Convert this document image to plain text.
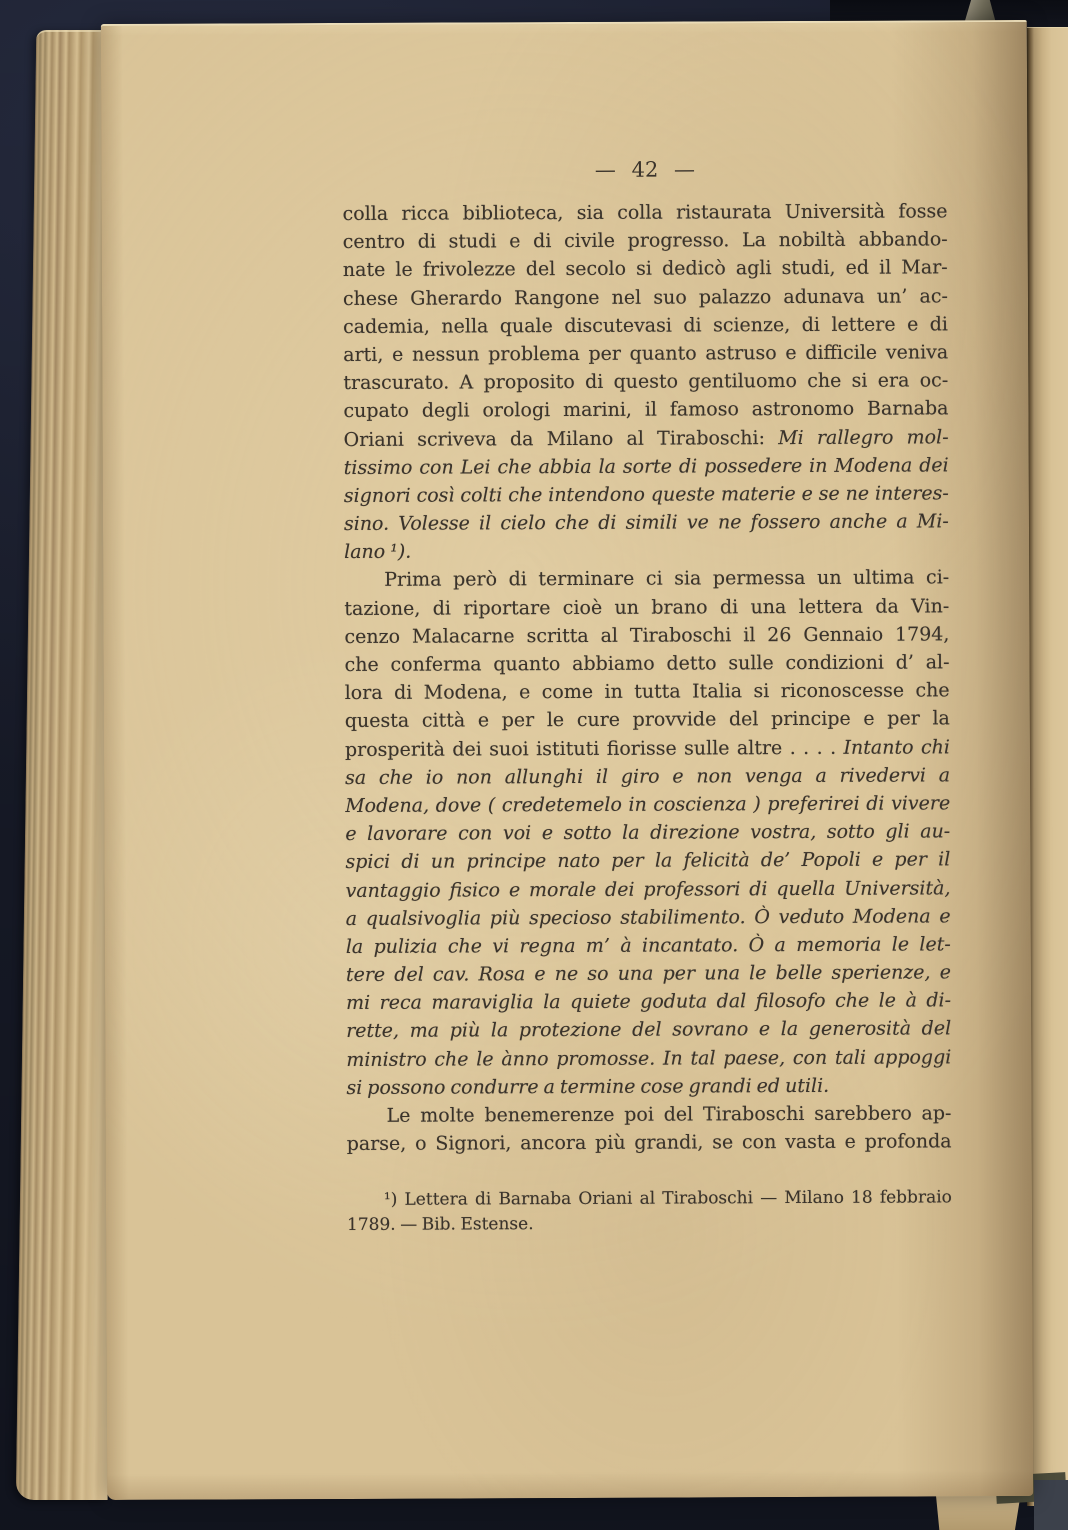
— 42 —
colla ricca biblioteca, sia colla ristaurata Università fosse
centro di studi e di civile progresso. La nobiltà abbando-
nate le frivolezze del secolo si dedicò agli studi, ed il Mar-
chese Gherardo Rangone nel suo palazzo adunava un’ ac-
cademia, nella quale discutevasi di scienze, di lettere e di
arti, e nessun problema per quanto astruso e difficile veniva
trascurato. A proposito di questo gentiluomo che si era oc-
cupato degli orologi marini, il famoso astronomo Barnaba
Oriani scriveva da Milano al Tiraboschi: Mi rallegro mol-
tissimo con Lei che abbia la sorte di possedere in Modena dei
signori così colti che intendono queste materie e se ne interes-
sino. Volesse il cielo che di simili ve ne fossero anche a Mi-
lano ¹).
Prima però di terminare ci sia permessa un ultima ci-
tazione, di riportare cioè un brano di una lettera da Vin-
cenzo Malacarne scritta al Tiraboschi il 26 Gennaio 1794,
che conferma quanto abbiamo detto sulle condizioni d’ al-
lora di Modena, e come in tutta Italia si riconoscesse che
questa città e per le cure provvide del principe e per la
prosperità dei suoi istituti fiorisse sulle altre . . . . Intanto chi
sa che io non allunghi il giro e non venga a rivedervi a
Modena, dove ( credetemelo in coscienza ) preferirei di vivere
e lavorare con voi e sotto la direzione vostra, sotto gli au-
spici di un principe nato per la felicità de’ Popoli e per il
vantaggio fisico e morale dei professori di quella Università,
a qualsivoglia più specioso stabilimento. Ò veduto Modena e
la pulizia che vi regna m’ à incantato. Ò a memoria le let-
tere del cav. Rosa e ne so una per una le belle sperienze, e
mi reca maraviglia la quiete goduta dal filosofo che le à di-
rette, ma più la protezione del sovrano e la generosità del
ministro che le ànno promosse. In tal paese, con tali appoggi
si possono condurre a termine cose grandi ed utili.
Le molte benemerenze poi del Tiraboschi sarebbero ap-
parse, o Signori, ancora più grandi, se con vasta e profonda
¹) Lettera di Barnaba Oriani al Tiraboschi — Milano 18 febbraio
1789. — Bib. Estense.
